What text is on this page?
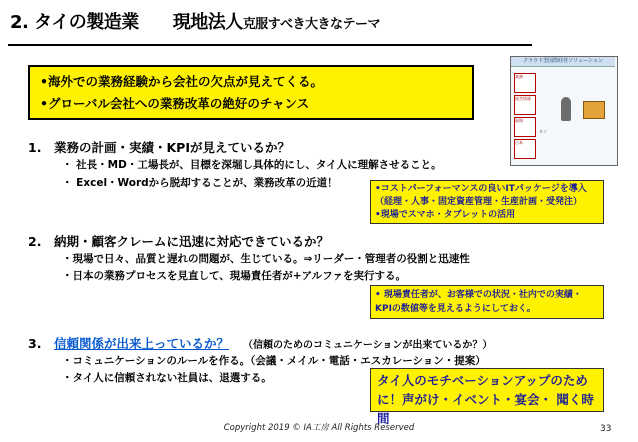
2. タイの製造業 現地法人克服すべき大きなテーマ
•海外での業務経験から会社の欠点が見えてくる。
•グローバル会社への業務改革の絶好のチャンス
クラウド型国際経営ソリューション
業務
経営情報
現場
日本
タイ
1. 業務の計画・実績・KPIが見えているか？
・ 社長・MD・工場長が、目標を深堀し具体的にし、タイ人に理解させること。
・ Excel・Wordから脱却することが、業務改革の近道！	•コストパーフォーマンスの良いITパッケージを導入
（経理・人事・固定資産管理・生産計画・受発注）
•現場でスマホ・タブレットの活用
2. 納期・顧客クレームに迅速に対応できているか？
・現場で日々、品質と遅れの問題が、生じている。⇒リーダー・管理者の役割と迅速性
・日本の業務プロセスを見直して、現場責任者が+アルファを実行する。
• 現場責任者が、お客様での状況・社内での実績・
KPIの数値等を見えるようにしておく。
3. 信頼関係が出来上っているか？ （信頼のためのコミュニケーションが出来ているか？）
・コミュニケーションのルールを作る。（会議・メイル・電話・エスカレーション・提案）
・タイ人に信頼されない社員は、退選する。	タイ人のモチベーションアップのため
に！声がけ・イベント・宴会・ 聞く時間
Copyright 2019 © IA工房 All Rights Reserved	33
